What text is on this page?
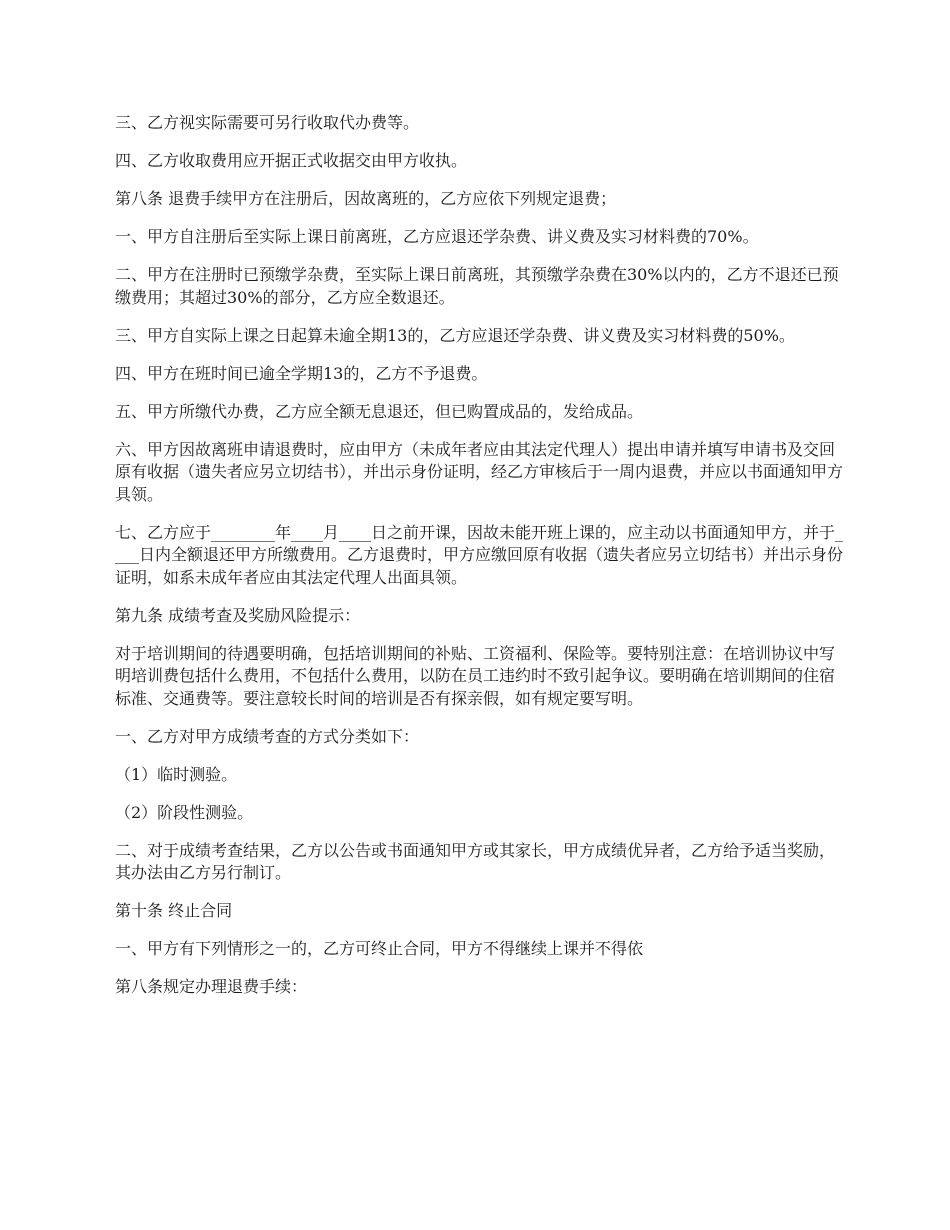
三、乙方视实际需要可另行收取代办费等。

四、乙方收取费用应开据正式收据交由甲方收执。

第八条 退费手续甲方在注册后，因故离班的，乙方应依下列规定退费；

一、甲方自注册后至实际上课日前离班，乙方应退还学杂费、讲义费及实习材料费的70%。

二、甲方在注册时已预缴学杂费，至实际上课日前离班，其预缴学杂费在30%以内的，乙方不退还已预缴费用；其超过30%的部分，乙方应全数退还。

三、甲方自实际上课之日起算未逾全期13的，乙方应退还学杂费、讲义费及实习材料费的50%。

四、甲方在班时间已逾全学期13的，乙方不予退费。

五、甲方所缴代办费，乙方应全额无息退还，但已购置成品的，发给成品。

六、甲方因故离班申请退费时，应由甲方（未成年者应由其法定代理人）提出申请并填写申请书及交回原有收据（遗失者应另立切结书），并出示身份证明，经乙方审核后于一周内退费，并应以书面通知甲方具领。

七、乙方应于________年____月____日之前开课，因故未能开班上课的，应主动以书面通知甲方，并于____日内全额退还甲方所缴费用。乙方退费时，甲方应缴回原有收据（遗失者应另立切结书）并出示身份证明，如系未成年者应由其法定代理人出面具领。

第九条 成绩考查及奖励风险提示：

对于培训期间的待遇要明确，包括培训期间的补贴、工资福利、保险等。要特别注意：在培训协议中写明培训费包括什么费用，不包括什么费用，以防在员工违约时不致引起争议。要明确在培训期间的住宿标准、交通费等。要注意较长时间的培训是否有探亲假，如有规定要写明。

一、乙方对甲方成绩考查的方式分类如下：

（1）临时测验。

（2）阶段性测验。

二、对于成绩考查结果，乙方以公告或书面通知甲方或其家长，甲方成绩优异者，乙方给予适当奖励，其办法由乙方另行制订。

第十条 终止合同

一、甲方有下列情形之一的，乙方可终止合同，甲方不得继续上课并不得依

第八条规定办理退费手续：
